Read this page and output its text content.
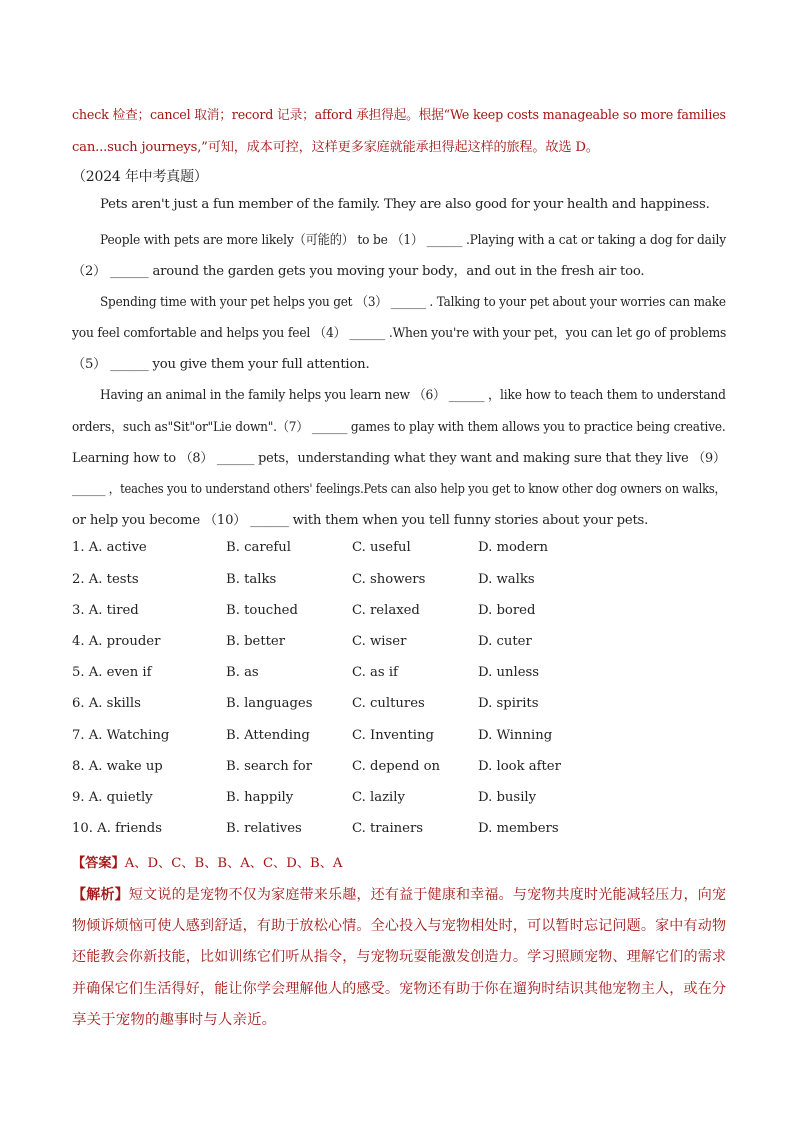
check 检查；cancel 取消；record 记录；afford 承担得起。根据“We keep costs manageable so more families
can...such journeys,”可知，成本可控，这样更多家庭就能承担得起这样的旅程。故选 D。
（2024 年中考真题）
Pets aren't just a fun member of the family. They are also good for your health and happiness.
People with pets are more likely（可能的） to be （1） ______ .Playing with a cat or taking a dog for daily
（2） ______ around the garden gets you moving your body，and out in the fresh air too.
Spending time with your pet helps you get （3） ______ . Talking to your pet about your worries can make
you feel comfortable and helps you feel （4） ______ .When you're with your pet，you can let go of problems
（5） ______ you give them your full attention.
Having an animal in the family helps you learn new （6） ______ ，like how to teach them to understand
orders，such as"Sit"or"Lie down".（7） ______ games to play with them allows you to practice being creative.
Learning how to （8） ______ pets，understanding what they want and making sure that they live （9）
______ ，teaches you to understand others' feelings.Pets can also help you get to know other dog owners on walks，
or help you become （10） ______ with them when you tell funny stories about your pets.
1. A. active	B. careful	C. useful	D. modern
2. A. tests	B. talks	C. showers	D. walks
3. A. tired	B. touched	C. relaxed	D. bored
4. A. prouder	B. better	C. wiser	D. cuter
5. A. even if	B. as	C. as if	D. unless
6. A. skills	B. languages	C. cultures	D. spirits
7. A. Watching	B. Attending	C. Inventing	D. Winning
8. A. wake up	B. search for	C. depend on	D. look after
9. A. quietly	B. happily	C. lazily	D. busily
10. A. friends	B. relatives	C. trainers	D. members
【答案】A、D、C、B、B、A、C、D、B、A
【解析】短文说的是宠物不仅为家庭带来乐趣，还有益于健康和幸福。与宠物共度时光能减轻压力，向宠
物倾诉烦恼可使人感到舒适，有助于放松心情。全心投入与宠物相处时，可以暂时忘记问题。家中有动物
还能教会你新技能，比如训练它们听从指令，与宠物玩耍能激发创造力。学习照顾宠物、理解它们的需求
并确保它们生活得好，能让你学会理解他人的感受。宠物还有助于你在遛狗时结识其他宠物主人，或在分
享关于宠物的趣事时与人亲近。
